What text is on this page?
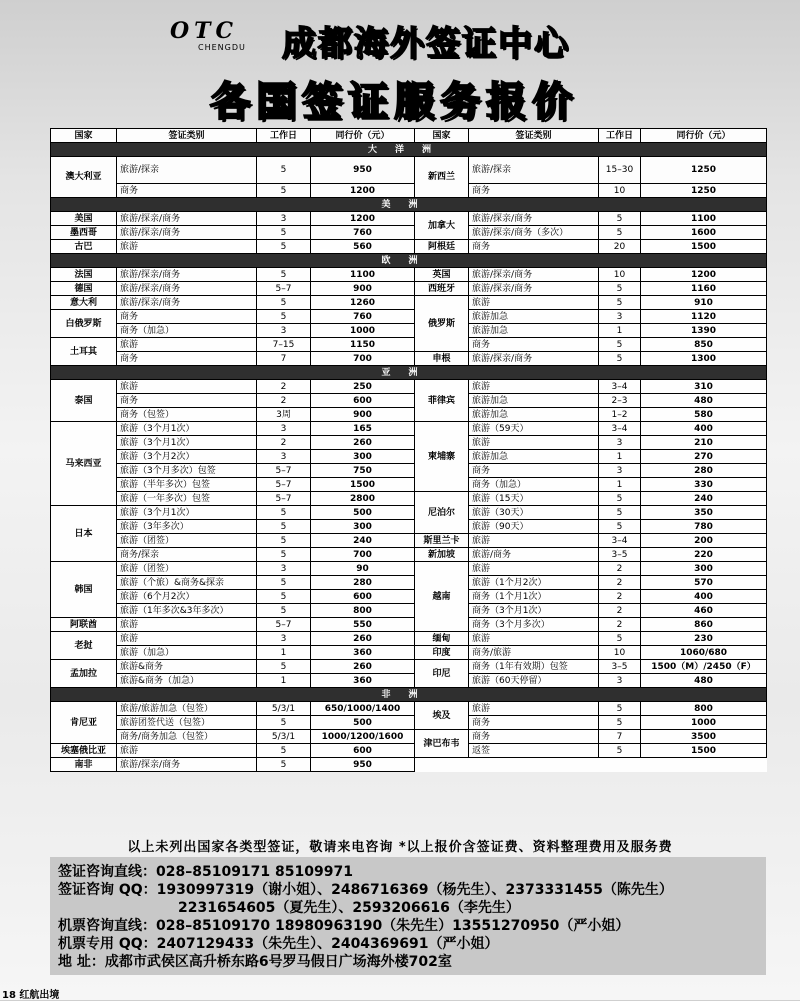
OTC
CHENGDU 成都海外签证中心
各国签证服务报价
国家	签证类别	工作日	同行价（元）	国家	签证类别	工作日	同行价（元）
大洋洲							
澳大利亚	旅游/探亲	5	950	新西兰	旅游/探亲	15–30	1250
	商务	5	1200		商务	10	1250
美洲							
美国	旅游/探亲/商务	3	1200	加拿大	旅游/探亲/商务	5	1100
墨西哥	旅游/探亲/商务	5	760		旅游/探亲/商务（多次）	5	1600
古巴	旅游	5	560	阿根廷	商务	20	1500
欧洲							
法国	旅游/探亲/商务	5	1100	英国	旅游/探亲/商务	10	1200
德国	旅游/探亲/商务	5–7	900	西班牙	旅游/探亲/商务	5	1160
意大利	旅游/探亲/商务	5	1260	俄罗斯	旅游	5	910
白俄罗斯	商务	5	760		旅游加急	3	1120
	商务（加急）	3	1000		旅游加急	1	1390
土耳其	旅游	7–15	1150		商务	5	850
	商务	7	700	申根	旅游/探亲/商务	5	1300
亚洲							
泰国	旅游	2	250	菲律宾	旅游	3–4	310
	商务	2	600		旅游加急	2–3	480
	商务（包签）	3周	900		旅游加急	1–2	580
马来西亚	旅游（3个月1次）	3	165	柬埔寨	旅游（59天）	3–4	400
	旅游（3个月1次）	2	260		旅游	3	210
	旅游（3个月2次）	3	300		旅游加急	1	270
	旅游（3个月多次）包签	5–7	750		商务	3	280
	旅游（半年多次）包签	5–7	1500		商务（加急）	1	330
	旅游（一年多次）包签	5–7	2800	尼泊尔	旅游（15天）	5	240
日本	旅游（3个月1次）	5	500		旅游（30天）	5	350
	旅游（3年多次）	5	300		旅游（90天）	5	780
	旅游（团签）	5	240	斯里兰卡	旅游	3–4	200
	商务/探亲	5	700	新加坡	旅游/商务	3–5	220
韩国	旅游（团签）	3	90	越南	旅游	2	300
	旅游（个旅）&商务&探亲	5	280		旅游（1个月2次）	2	570
	旅游（6个月2次）	5	600		商务（1个月1次）	2	400
	旅游（1年多次&3年多次）	5	800		商务（3个月1次）	2	460
阿联酋	旅游	5–7	550		商务（3个月多次）	2	860
老挝	旅游	3	260	缅甸	旅游	5	230
	旅游（加急）	1	360	印度	商务/旅游	10	1060/680
孟加拉	旅游&商务	5	260	印尼	商务（1年有效期）包签	3–5	1500（M）/2450（F）
	旅游&商务（加急）	1	360		旅游（60天停留）	3	480
非洲							
肯尼亚	旅游/旅游加急（包签）	5/3/1	650/1000/1400	埃及	旅游	5	800
	旅游团签代送（包签）	5	500		商务	5	1000
	商务/商务加急（包签）	5/3/1	1000/1200/1600	津巴布韦	商务	7	3500
埃塞俄比亚	旅游	5	600		返签	5	1500
南非	旅游/探亲/商务	5	950				
以上未列出国家各类型签证，敬请来电咨询 *以上报价含签证费、资料整理费用及服务费
签证咨询直线：028–85109171 85109971
签证咨询 QQ：1930997319（谢小姐）、2486716369（杨先生）、2373331455（陈先生）
2231654605（夏先生）、2593206616（李先生）
机票咨询直线：028–85109170 18980963190（朱先生）13551270950（严小姐）
机票专用 QQ：2407129433（朱先生）、2404369691（严小姐）
地 址：成都市武侯区高升桥东路6号罗马假日广场海外楼702室
18 红航出境
